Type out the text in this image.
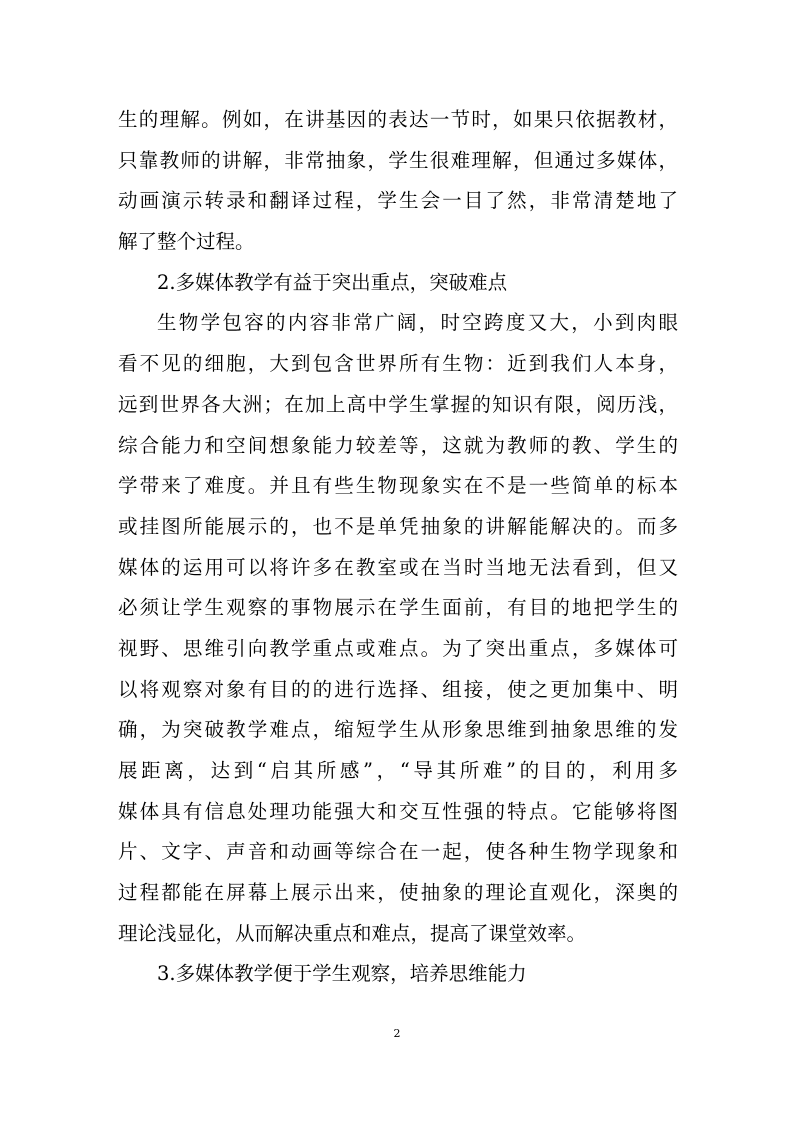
生的理解。例如，在讲基因的表达一节时，如果只依据教材，
只靠教师的讲解，非常抽象，学生很难理解，但通过多媒体，
动画演示转录和翻译过程，学生会一目了然，非常清楚地了
解了整个过程。
2.多媒体教学有益于突出重点，突破难点
生物学包容的内容非常广阔，时空跨度又大，小到肉眼
看不见的细胞，大到包含世界所有生物：近到我们人本身，
远到世界各大洲；在加上高中学生掌握的知识有限，阅历浅，
综合能力和空间想象能力较差等，这就为教师的教、学生的
学带来了难度。并且有些生物现象实在不是一些简单的标本
或挂图所能展示的，也不是单凭抽象的讲解能解决的。而多
媒体的运用可以将许多在教室或在当时当地无法看到，但又
必须让学生观察的事物展示在学生面前，有目的地把学生的
视野、思维引向教学重点或难点。为了突出重点，多媒体可
以将观察对象有目的的进行选择、组接，使之更加集中、明
确，为突破教学难点，缩短学生从形象思维到抽象思维的发
展距离，达到“启其所感”，“导其所难”的目的，利用多
媒体具有信息处理功能强大和交互性强的特点。它能够将图
片、文字、声音和动画等综合在一起，使各种生物学现象和
过程都能在屏幕上展示出来，使抽象的理论直观化，深奥的
理论浅显化，从而解决重点和难点，提高了课堂效率。
3.多媒体教学便于学生观察，培养思维能力
2
